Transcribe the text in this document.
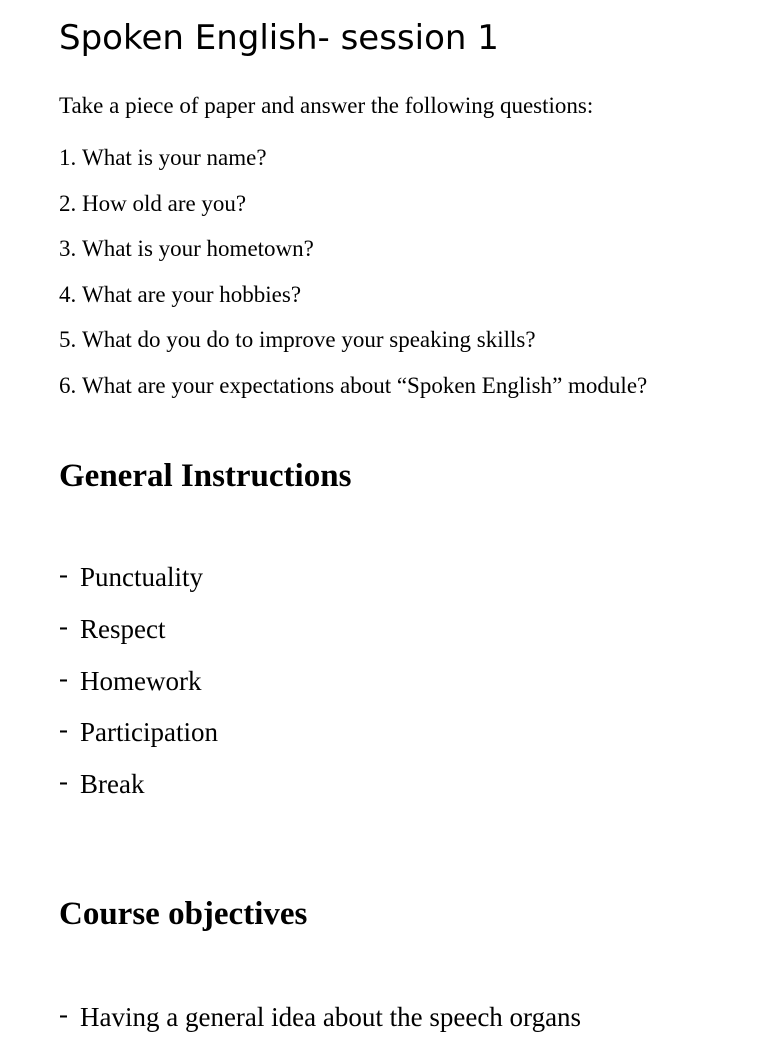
Spoken English- session 1

Take a piece of paper and answer the following questions:

1. What is your name?
2. How old are you?
3. What is your hometown?
4. What are your hobbies?
5. What do you do to improve your speaking skills?
6. What are your expectations about “Spoken English” module?
General Instructions
- Punctuality
- Respect
- Homework
- Participation
- Break
Course objectives
- Having a general idea about the speech organs
